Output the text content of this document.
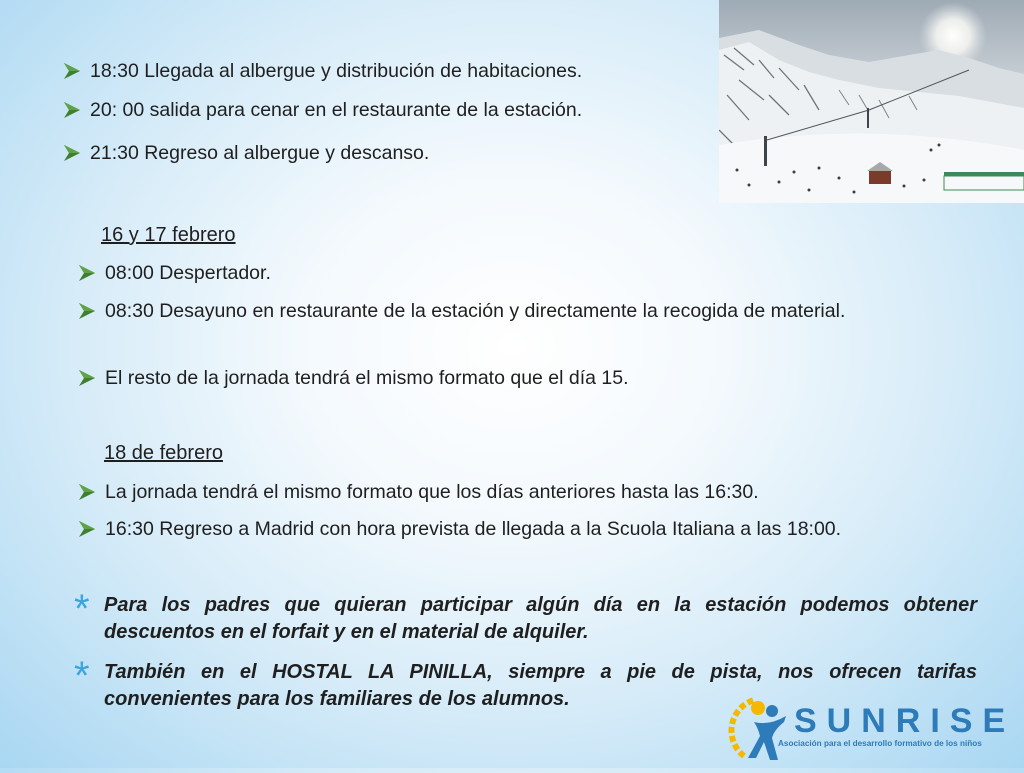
18:30 Llegada al albergue y distribución de habitaciones.
20: 00 salida para cenar en el restaurante de la estación.
21:30 Regreso al albergue y descanso.
16 y 17 febrero
08:00 Despertador.
08:30 Desayuno en restaurante de la estación y directamente la recogida de material.
El resto de la jornada tendrá el mismo formato que el día 15.
18 de febrero
La jornada tendrá el mismo formato que los días anteriores hasta las 16:30.
16:30 Regreso a Madrid con hora prevista de llegada a la Scuola Italiana a las 18:00.
* Para los padres que quieran participar algún día en la estación podemos obtener descuentos en el forfait y en el material de alquiler.
* También en el HOSTAL LA PINILLA, siempre a pie de pista, nos ofrecen tarifas convenientes para los familiares de los alumnos.
SUNRISE
Asociación para el desarrollo formativo de los niños
